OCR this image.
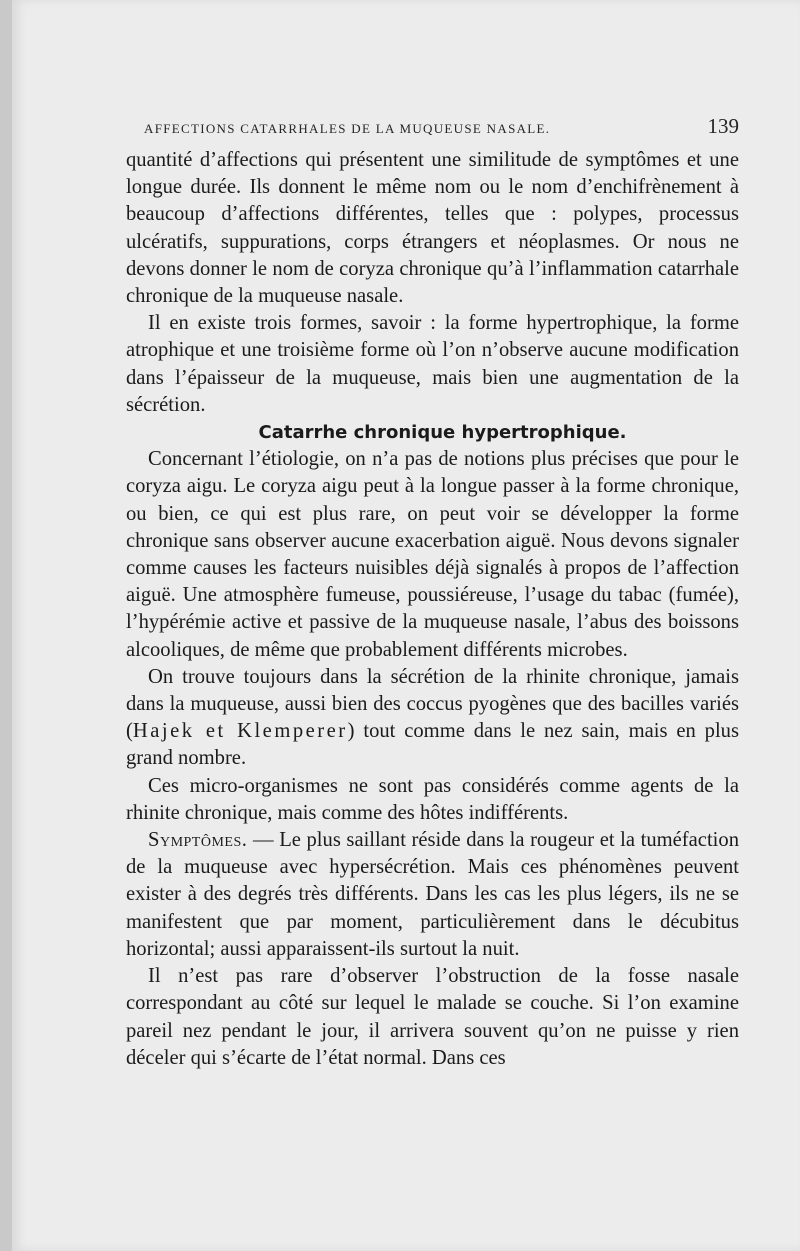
AFFECTIONS CATARRHALES DE LA MUQUEUSE NASALE.	139

quantité d’affections qui présentent une similitude de symptômes et une longue durée. Ils donnent le même nom ou le nom d’enchifrènement à beaucoup d’affections différentes, telles que : polypes, processus ulcératifs, suppurations, corps étrangers et néoplasmes. Or nous ne devons donner le nom de coryza chronique qu’à l’inflammation catarrhale chronique de la muqueuse nasale.

Il en existe trois formes, savoir : la forme hypertrophique, la forme atrophique et une troisième forme où l’on n’observe aucune modification dans l’épaisseur de la muqueuse, mais bien une augmentation de la sécrétion.

Catarrhe chronique hypertrophique.

Concernant l’étiologie, on n’a pas de notions plus précises que pour le coryza aigu. Le coryza aigu peut à la longue passer à la forme chronique, ou bien, ce qui est plus rare, on peut voir se développer la forme chronique sans observer aucune exacerbation aiguë. Nous devons signaler comme causes les facteurs nuisibles déjà signalés à propos de l’affection aiguë. Une atmosphère fumeuse, poussiéreuse, l’usage du tabac (fumée), l’hypérémie active et passive de la muqueuse nasale, l’abus des boissons alcooliques, de même que probablement différents microbes.

On trouve toujours dans la sécrétion de la rhinite chronique, jamais dans la muqueuse, aussi bien des coccus pyogènes que des bacilles variés (Hajek et Klemperer) tout comme dans le nez sain, mais en plus grand nombre.

Ces micro-organismes ne sont pas considérés comme agents de la rhinite chronique, mais comme des hôtes indifférents.

Symptômes. — Le plus saillant réside dans la rougeur et la tuméfaction de la muqueuse avec hypersécrétion. Mais ces phénomènes peuvent exister à des degrés très différents. Dans les cas les plus légers, ils ne se manifestent que par moment, particulièrement dans le décubitus horizontal; aussi apparaissent-ils surtout la nuit.

Il n’est pas rare d’observer l’obstruction de la fosse nasale correspondant au côté sur lequel le malade se couche. Si l’on examine pareil nez pendant le jour, il arrivera souvent qu’on ne puisse y rien déceler qui s’écarte de l’état normal. Dans ces
